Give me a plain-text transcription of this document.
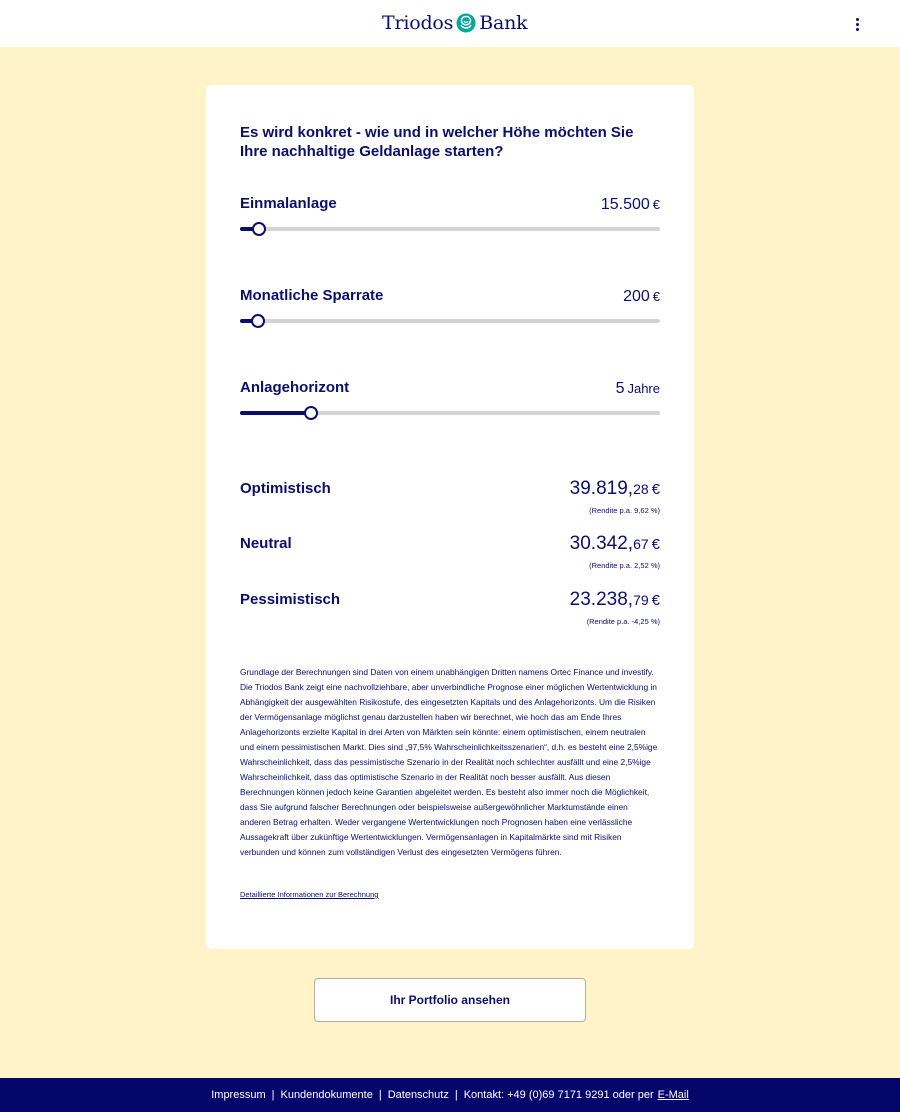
Triodos Bank
Es wird konkret - wie und in welcher Höhe möchten Sie Ihre nachhaltige Geldanlage starten?
Einmalanlage	15.500 €
Monatliche Sparrate	200 €
Anlagehorizont	5 Jahre
Optimistisch	39.819,28 €
(Rendite p.a. 9,62 %)
Neutral	30.342,67 €
(Rendite p.a. 2,52 %)
Pessimistisch	23.238,79 €
(Rendite p.a. -4,25 %)
Grundlage der Berechnungen sind Daten von einem unabhängigen Dritten namens Ortec Finance und investify. Die Triodos Bank zeigt eine nachvollziehbare, aber unverbindliche Prognose einer möglichen Wertentwicklung in Abhängigkeit der ausgewählten Risikostufe, des eingesetzten Kapitals und des Anlagehorizonts. Um die Risiken der Vermögensanlage möglichst genau darzustellen haben wir berechnet, wie hoch das am Ende Ihres Anlagehorizonts erzielte Kapital in drei Arten von Märkten sein könnte: einem optimistischen, einem neutralen und einem pessimistischen Markt. Dies sind „97,5% Wahrscheinlichkeitsszenarien“, d.h. es besteht eine 2,5%ige Wahrscheinlichkeit, dass das pessimistische Szenario in der Realität noch schlechter ausfällt und eine 2,5%ige Wahrscheinlichkeit, dass das optimistische Szenario in der Realität noch besser ausfällt. Aus diesen Berechnungen können jedoch keine Garantien abgeleitet werden. Es besteht also immer noch die Möglichkeit, dass Sie aufgrund falscher Berechnungen oder beispielsweise außergewöhnlicher Marktumstände einen anderen Betrag erhalten. Weder vergangene Wertentwicklungen noch Prognosen haben eine verlässliche Aussagekraft über zukünftige Wertentwicklungen. Vermögensanlagen in Kapitalmärkte sind mit Risiken verbunden und können zum vollständigen Verlust des eingesetzten Vermögens führen.
Detaillierte Informationen zur Berechnung
Ihr Portfolio ansehen
Impressum | Kundendokumente | Datenschutz | Kontakt: +49 (0)69 7171 9291 oder per E-Mail
